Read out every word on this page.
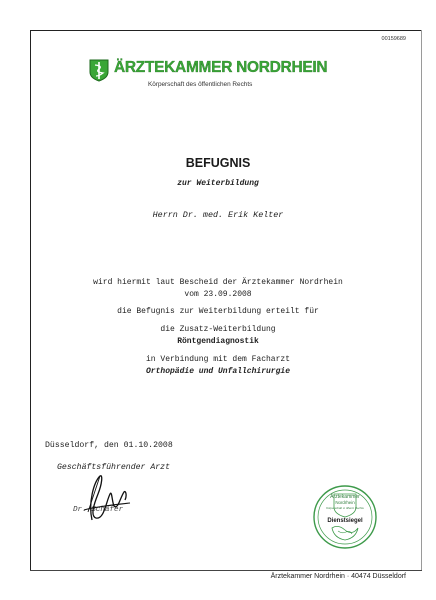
00159689
ÄRZTEKAMMER NORDRHEIN
Körperschaft des öffentlichen Rechts
BEFUGNIS
zur Weiterbildung
Herrn Dr. med. Erik Kelter
wird hiermit laut Bescheid der Ärztekammer Nordrhein
vom 23.09.2008
die Befugnis zur Weiterbildung erteilt für
die Zusatz-Weiterbildung
Röntgendiagnostik
in Verbindung mit dem Facharzt
Orthopädie und Unfallchirurgie
Düsseldorf, den 01.10.2008
Geschäftsführender Arzt
Dr. Schäfer
Ärztekammer
Nordrhein
Körperschaft d. öffentl. Rechts
Dienstsiegel
Ärztekammer Nordrhein · 40474 Düsseldorf
